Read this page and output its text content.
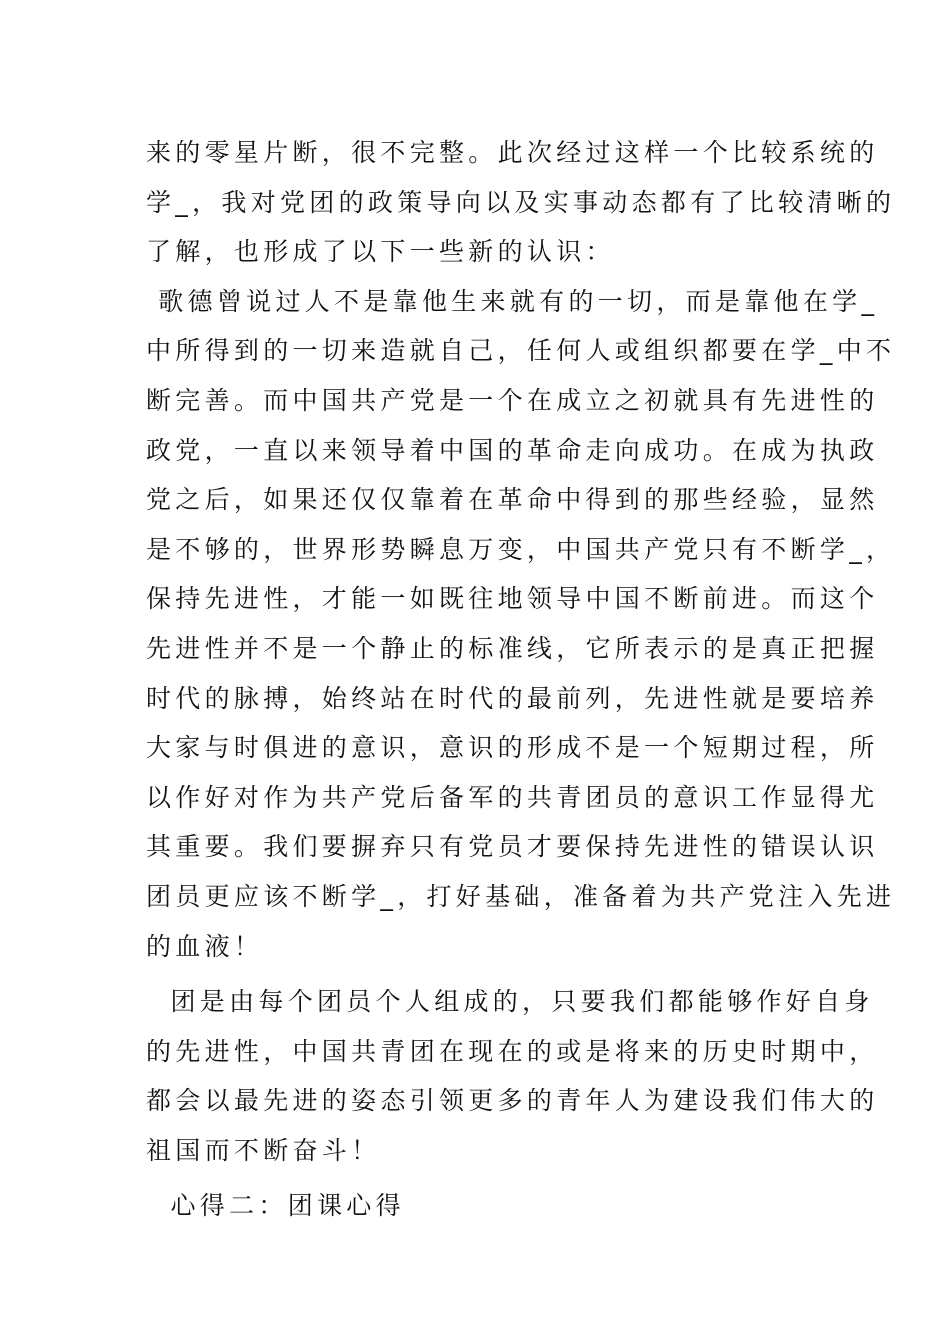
来的零星片断，很不完整。此次经过这样一个比较系统的
学_，我对党团的政策导向以及实事动态都有了比较清晰的
了解，也形成了以下一些新的认识：
歌德曾说过人不是靠他生来就有的一切，而是靠他在学_
中所得到的一切来造就自己，任何人或组织都要在学_中不
断完善。而中国共产党是一个在成立之初就具有先进性的
政党，一直以来领导着中国的革命走向成功。在成为执政
党之后，如果还仅仅靠着在革命中得到的那些经验，显然
是不够的，世界形势瞬息万变，中国共产党只有不断学_，
保持先进性，才能一如既往地领导中国不断前进。而这个
先进性并不是一个静止的标准线，它所表示的是真正把握
时代的脉搏，始终站在时代的最前列，先进性就是要培养
大家与时俱进的意识，意识的形成不是一个短期过程，所
以作好对作为共产党后备军的共青团员的意识工作显得尤
其重要。我们要摒弃只有党员才要保持先进性的错误认识
团员更应该不断学_，打好基础，准备着为共产党注入先进
的血液！
团是由每个团员个人组成的，只要我们都能够作好自身
的先进性，中国共青团在现在的或是将来的历史时期中，
都会以最先进的姿态引领更多的青年人为建设我们伟大的
祖国而不断奋斗！
心得二：团课心得
